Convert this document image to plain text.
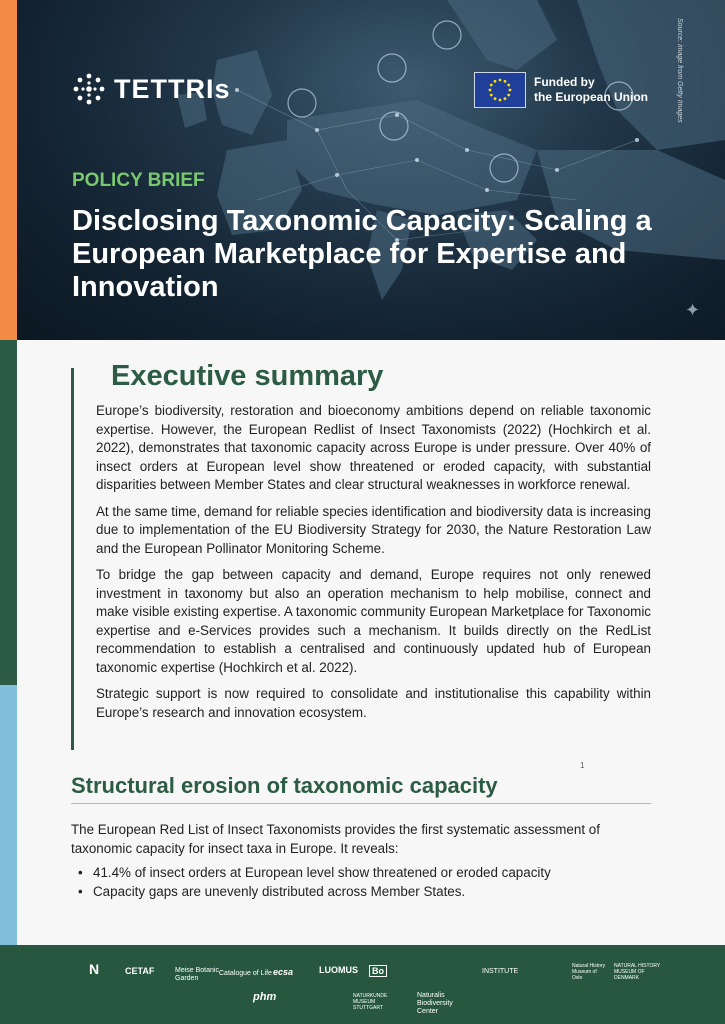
TETTRIs	Funded by
the European Union	Source: image from Getty Images
POLICY BRIEF
Disclosing Taxonomic Capacity: Scaling a European Marketplace for Expertise and Innovation
✦
Executive summary

Europe’s biodiversity, restoration and bioeconomy ambitions depend on reliable taxonomic expertise. However, the European Redlist of Insect Taxonomists (2022) (Hochkirch et al. 2022), demonstrates that taxonomic capacity across Europe is under pressure. Over 40% of insect orders at European level show threatened or eroded capacity, with substantial disparities between Member States and clear structural weaknesses in workforce renewal.

At the same time, demand for reliable species identification and biodiversity data is increasing due to implementation of the EU Biodiversity Strategy for 2030, the Nature Restoration Law and the European Pollinator Monitoring Scheme.

To bridge the gap between capacity and demand, Europe requires not only renewed investment in taxonomy but also an operation mechanism to help mobilise, connect and make visible existing expertise. A taxonomic community European Marketplace for Taxonomic expertise and e-Services provides such a mechanism. It builds directly on the RedList recommendation to establish a centralised and continuously updated hub of European taxonomic expertise (Hochkirch et al. 2022).

Strategic support is now required to consolidate and institutionalise this capability within Europe’s research and innovation ecosystem.

1
Structural erosion of taxonomic capacity

The European Red List of Insect Taxonomists provides the first systematic assessment of taxonomic capacity for insect taxa in Europe. It reveals:

• 41.4% of insect orders at European level show threatened or eroded capacity
• Capacity gaps are unevenly distributed across Member States.
N	CETAF	Meise Botanic Garden
Catalogue of Life ecsa	LUOMUS	Bo	INSTITUTE
Natural History Museum of Oslo
NATURAL HISTORY MUSEUM OF DENMARK
phm	NATURKUNDE MUSEUM STUTTGART
Naturalis Biodiversity Center
